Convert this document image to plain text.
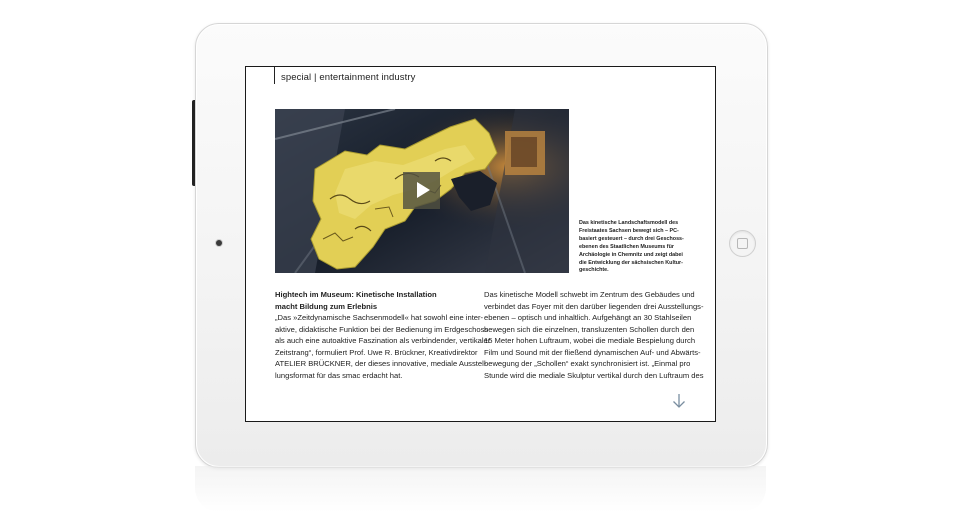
special | entertainment industry
Das kinetische Landschaftsmodell des Freistaates Sachsen bewegt sich – PC-basiert gesteuert – durch drei Geschoss-ebenen des Staatlichen Museums für Archäologie in Chemnitz und zeigt dabei die Entwicklung der sächsischen Kultur-geschichte.
Hightech im Museum: Kinetische Installation
macht Bildung zum Erlebnis
„Das »Zeitdynamische Sachsenmodell« hat sowohl eine inter-
aktive, didaktische Funktion bei der Bedienung im Erdgeschoss
als auch eine autoaktive Faszination als verbindender, vertikaler
Zeitstrang“, formuliert Prof. Uwe R. Brückner, Kreativdirektor
ATELIER BRÜCKNER, der dieses innovative, mediale Ausstel-
lungsformat für das smac erdacht hat.
Das kinetische Modell schwebt im Zentrum des Gebäudes und
verbindet das Foyer mit den darüber liegenden drei Ausstellungs-
ebenen – optisch und inhaltlich. Aufgehängt an 30 Stahlseilen
bewegen sich die einzelnen, transluzenten Schollen durch den
15 Meter hohen Luftraum, wobei die mediale Bespielung durch
Film und Sound mit der fließend dynamischen Auf- und Abwärts-
bewegung der „Schollen“ exakt synchronisiert ist. „Einmal pro
Stunde wird die mediale Skulptur vertikal durch den Luftraum des
